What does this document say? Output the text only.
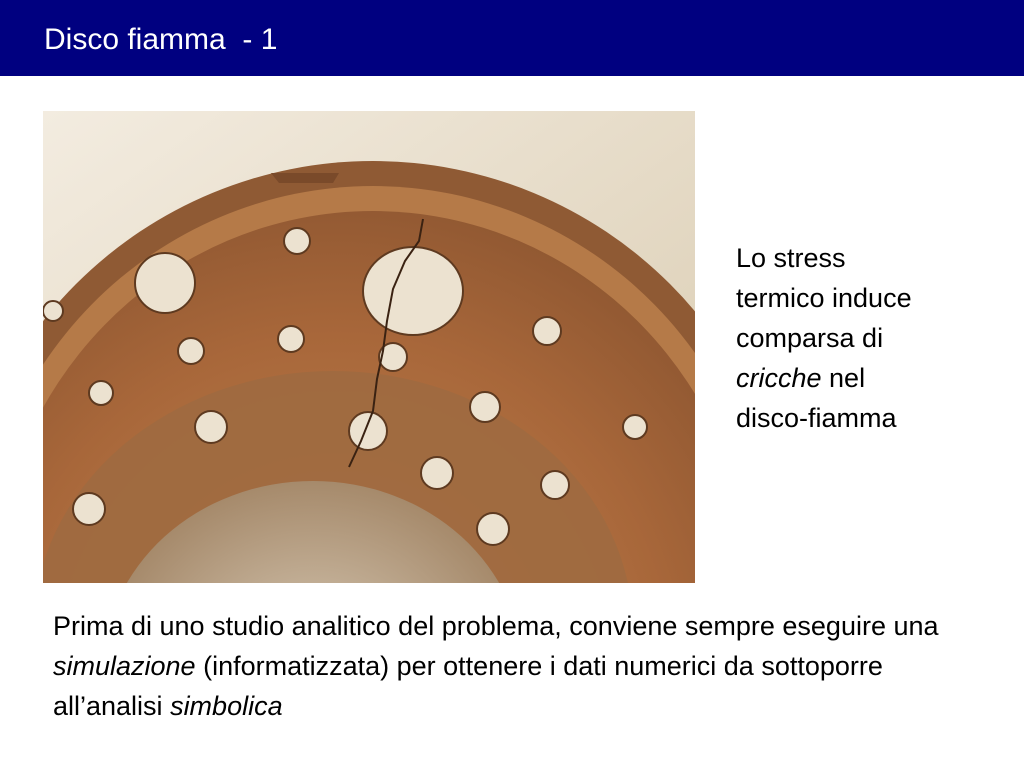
Disco fiamma  - 1

Lo stress
termico induce
comparsa di
cricche nel
disco-fiamma

Prima di uno studio analitico del problema, conviene sempre eseguire una simulazione (informatizzata) per ottenere i dati numerici da sottoporre all’analisi simbolica
